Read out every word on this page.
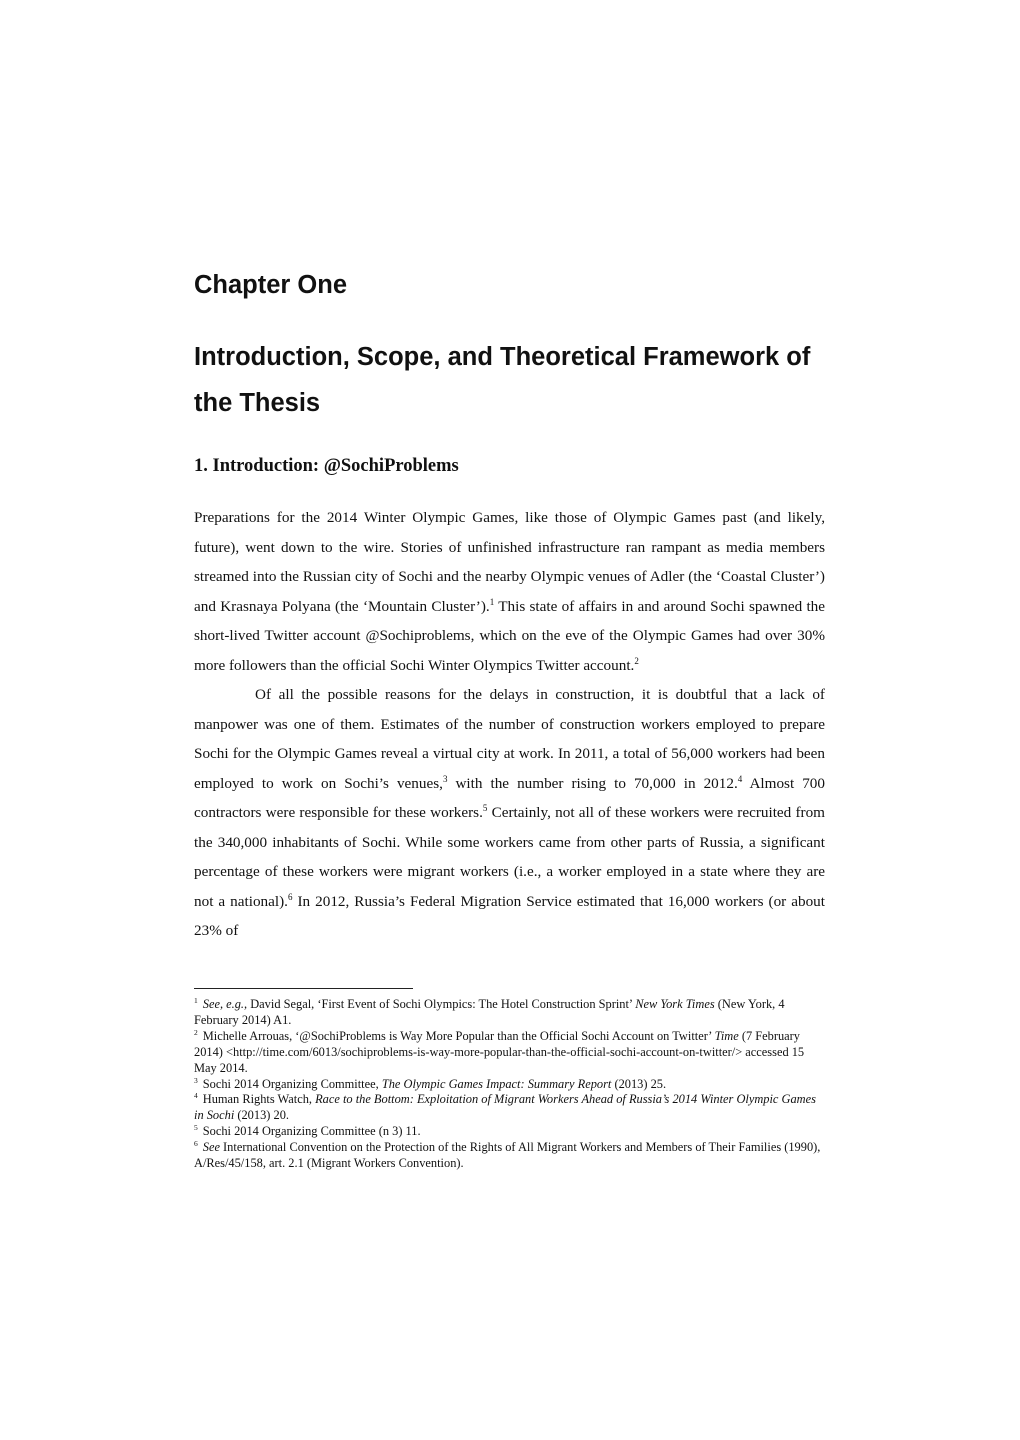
Chapter One
Introduction, Scope, and Theoretical Framework of the Thesis
1. Introduction: @SochiProblems

Preparations for the 2014 Winter Olympic Games, like those of Olympic Games past (and likely, future), went down to the wire. Stories of unfinished infrastructure ran rampant as media members streamed into the Russian city of Sochi and the nearby Olympic venues of Adler (the ‘Coastal Cluster’) and Krasnaya Polyana (the ‘Mountain Cluster’).$^1$ This state of affairs in and around Sochi spawned the short-lived Twitter account @Sochiproblems, which on the eve of the Olympic Games had over 30% more followers than the official Sochi Winter Olympics Twitter account.$^2$

Of all the possible reasons for the delays in construction, it is doubtful that a lack of manpower was one of them. Estimates of the number of construction workers employed to prepare Sochi for the Olympic Games reveal a virtual city at work. In 2011, a total of 56,000 workers had been employed to work on Sochi’s venues,$^3$ with the number rising to 70,000 in 2012.$^4$ Almost 700 contractors were responsible for these workers.$^5$ Certainly, not all of these workers were recruited from the 340,000 inhabitants of Sochi. While some workers came from other parts of Russia, a significant percentage of these workers were migrant workers (i.e., a worker employed in a state where they are not a national).$^6$ In 2012, Russia’s Federal Migration Service estimated that 16,000 workers (or about 23% of

$^1$ See, e.g., David Segal, ‘First Event of Sochi Olympics: The Hotel Construction Sprint’ New York Times (New York, 4 February 2014) A1.

$^2$ Michelle Arrouas, ‘@SochiProblems is Way More Popular than the Official Sochi Account on Twitter’ Time (7 February 2014) <http://time.com/6013/sochiproblems-is-way-more-popular-than-the-official-sochi-account-on-twitter/> accessed 15 May 2014.

$^3$ Sochi 2014 Organizing Committee, The Olympic Games Impact: Summary Report (2013) 25.

$^4$ Human Rights Watch, Race to the Bottom: Exploitation of Migrant Workers Ahead of Russia’s 2014 Winter Olympic Games in Sochi (2013) 20.

$^5$ Sochi 2014 Organizing Committee (n 3) 11.

$^6$ See International Convention on the Protection of the Rights of All Migrant Workers and Members of Their Families (1990), A/Res/45/158, art. 2.1 (Migrant Workers Convention).
